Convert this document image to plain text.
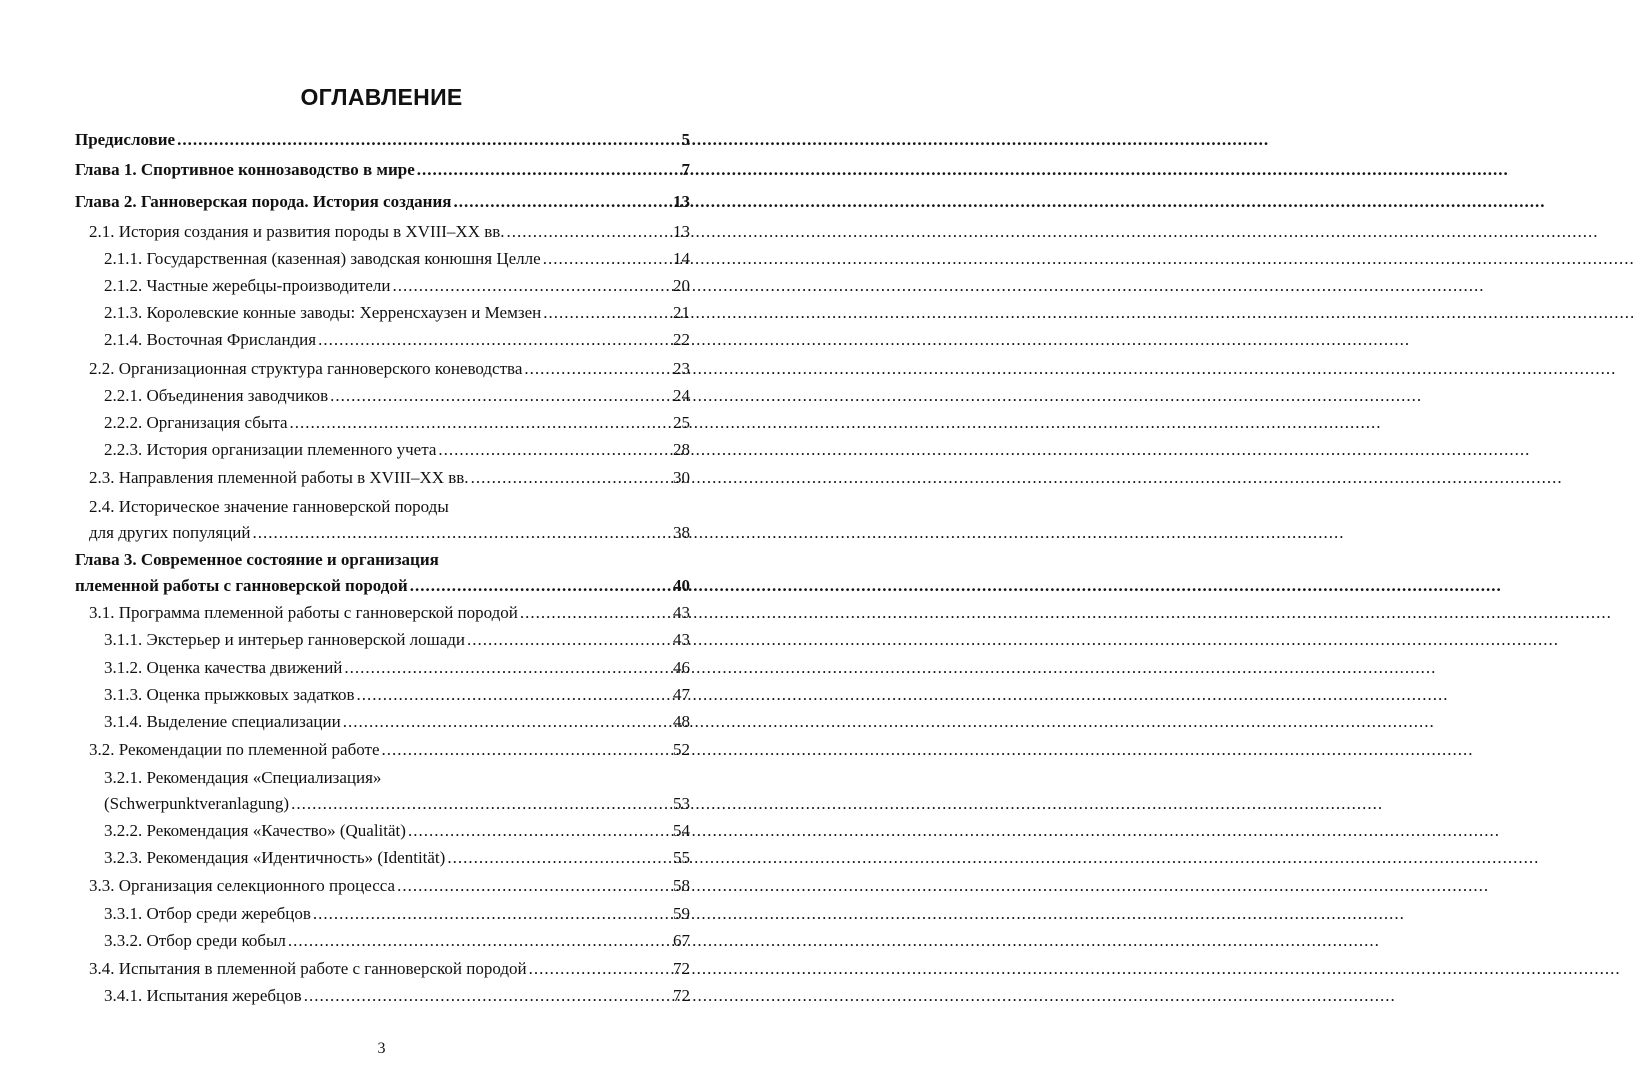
ОГЛАВЛЕНИЕ
Предисловие .....	5
Глава 1. Спортивное коннозаводство в мире .....	7
Глава 2. Ганноверская порода. История создания .....	13
2.1. История создания и развития породы в XVIII–XX вв. .....	13
2.1.1. Государственная (казенная) заводская конюшня Целле .....	14
2.1.2. Частные жеребцы-производители .....	20
2.1.3. Королевские конные заводы: Херренсхаузен и Мемзен .....	21
2.1.4. Восточная Фрисландия .....	22
2.2. Организационная структура ганноверского коневодства .....	23
2.2.1. Объединения заводчиков .....	24
2.2.2. Организация сбыта .....	25
2.2.3. История организации племенного учета .....	28
2.3. Направления племенной работы в XVIII–XX вв. .....	30
2.4. Историческое значение ганноверской породы
для других популяций .....	38
Глава 3. Современное состояние и организация
племенной работы с ганноверской породой .....	40
3.1. Программа племенной работы с ганноверской породой .....	43
3.1.1. Экстерьер и интерьер ганноверской лошади .....	43
3.1.2. Оценка качества движений .....	46
3.1.3. Оценка прыжковых задатков .....	47
3.1.4. Выделение специализации .....	48
3.2. Рекомендации по племенной работе .....	52
3.2.1. Рекомендация «Специализация»
(Schwerpunktveranlagung) .....	53
3.2.2. Рекомендация «Качество» (Qualität) .....	54
3.2.3. Рекомендация «Идентичность» (Identität) .....	55
3.3. Организация селекционного процесса .....	58
3.3.1. Отбор среди жеребцов .....	59
3.3.2. Отбор среди кобыл .....	67
3.4. Испытания в племенной работе с ганноверской породой .....	72
3.4.1. Испытания жеребцов .....	72
3
